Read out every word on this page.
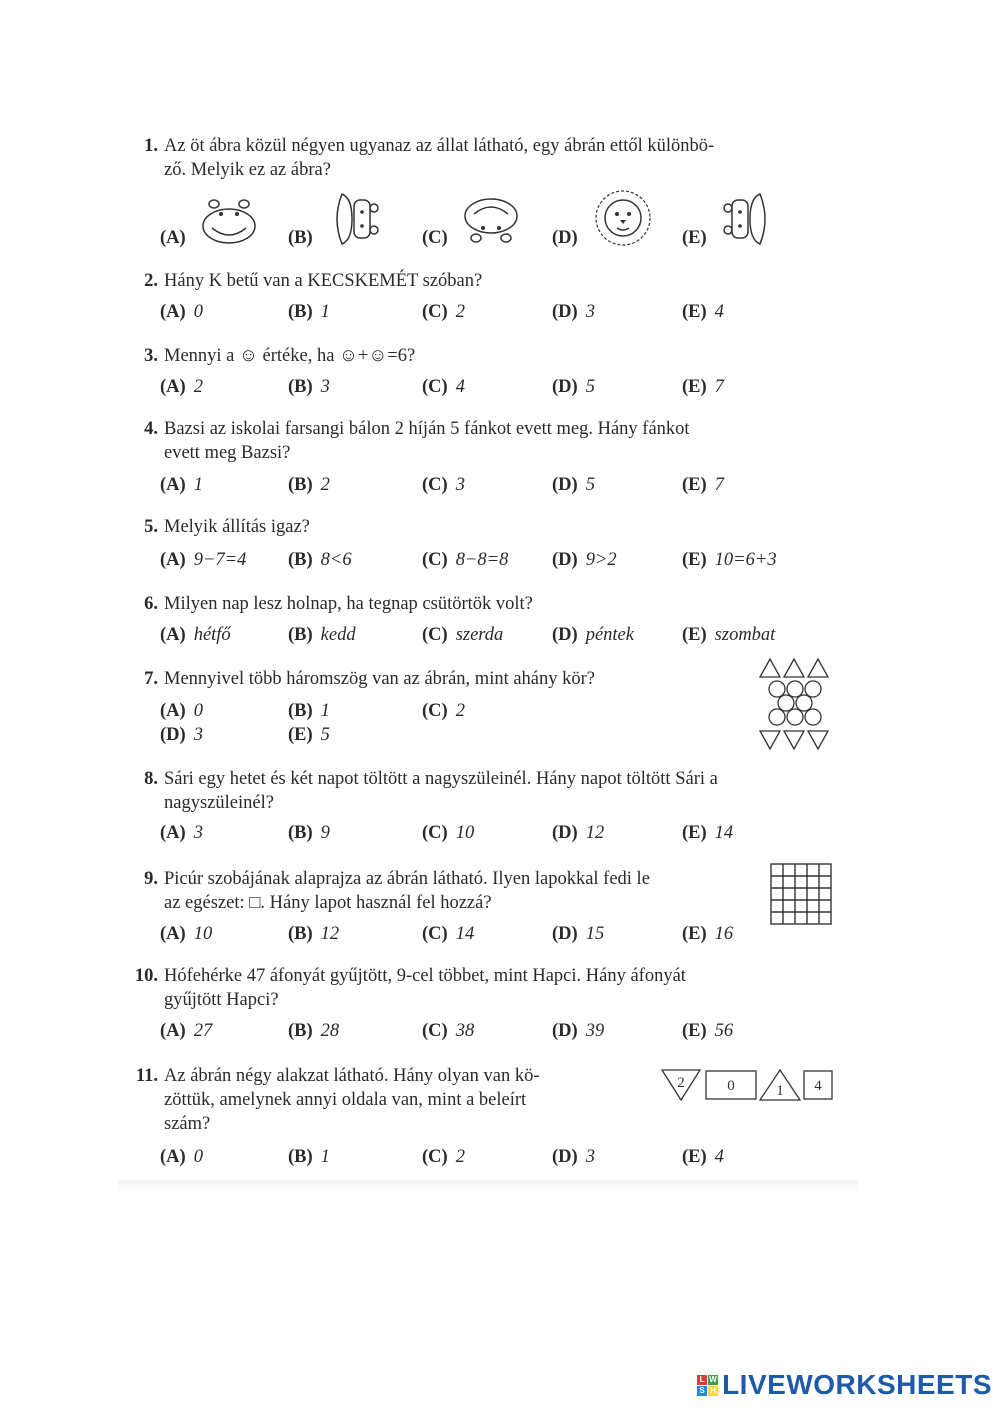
1. Az öt ábra közül négyen ugyanaz az állat látható, egy ábrán ettől különbö-
ző. Melyik ez az ábra?
(A)	(B)	(C)	(D)	(E)
2. Hány K betű van a KECSKEMÉT szóban?
(A) 0	(B) 1	(C) 2	(D) 3	(E) 4
3. Mennyi a ☺ értéke, ha ☺+☺=6?
(A) 2	(B) 3	(C) 4	(D) 5	(E) 7
4. Bazsi az iskolai farsangi bálon 2 híján 5 fánkot evett meg. Hány fánkot
evett meg Bazsi?
(A) 1	(B) 2	(C) 3	(D) 5	(E) 7
5. Melyik állítás igaz?
(A) 9−7=4 (B) 8<6	(C) 8−8=8 (D) 9>2	(E) 10=6+3
6. Milyen nap lesz holnap, ha tegnap csütörtök volt?
(A) hétfő	(B) kedd	(C) szerda	(D) péntek	(E) szombat
7. Mennyivel több háromszög van az ábrán, mint ahány kör?
(A) 0	(B) 1	(C) 2
(D) 3	(E) 5
8. Sári egy hetet és két napot töltött a nagyszüleinél. Hány napot töltött Sári a
nagyszüleinél?
(A) 3	(B) 9	(C) 10	(D) 12	(E) 14
9. Picúr szobájának alaprajza az ábrán látható. Ilyen lapokkal fedi le
az egészet: □. Hány lapot használ fel hozzá?
(A) 10	(B) 12	(C) 14	(D) 15	(E) 16
10. Hófehérke 47 áfonyát gyűjtött, 9-cel többet, mint Hapci. Hány áfonyát
gyűjtött Hapci?
(A) 27	(B) 28	(C) 38	(D) 39	(E) 56
11. Az ábrán négy alakzat látható. Hány olyan van kö-
zöttük, amelynek annyi oldala van, mint a beleírt
szám?
(A) 0	(B) 1	(C) 2	(D) 3	(E) 4
2	0	1 4
L W
S H LIVEWORKSHEETS
